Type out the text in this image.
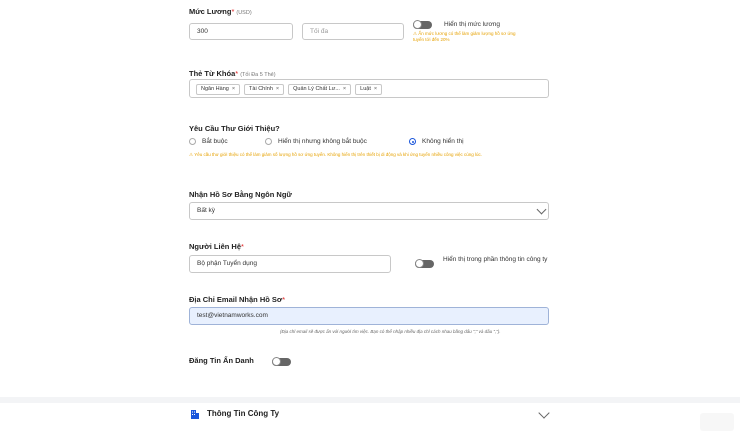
Mức Lương* (USD)
300	Tối đa
Hiển thị mức lương
⚠ Ẩn mức lương có thể làm giảm lượng hồ sơ ứng tuyển tới đến 20%
Thẻ Từ Khóa* (Tối Đa 5 Thẻ)
Ngân Hàng ×	Tài Chính ×	Quản Lý Chất Lư... ×	Luật ×
Yêu Cầu Thư Giới Thiệu?
Bắt buộc	Hiển thị nhưng không bắt buộc	Không hiển thị
⚠ Yêu cầu thư giới thiệu có thể làm giảm số lượng hồ sơ ứng tuyển. Không hiển thị trên thiết bị di động và khi ứng tuyển nhiều công việc cùng lúc.
Nhận Hồ Sơ Bằng Ngôn Ngữ
Bất kỳ
Người Liên Hệ*
Bộ phận Tuyển dụng
Hiển thị trong phần thông tin công ty
Địa Chỉ Email Nhận Hồ Sơ*
test@vietnamworks.com
(Địa chỉ email sẽ được ẩn với người tìm việc. Bạn có thể nhập nhiều địa chỉ cách nhau bằng dấu ";" và dấu ",").
Đăng Tin Ẩn Danh
Thông Tin Công Ty
